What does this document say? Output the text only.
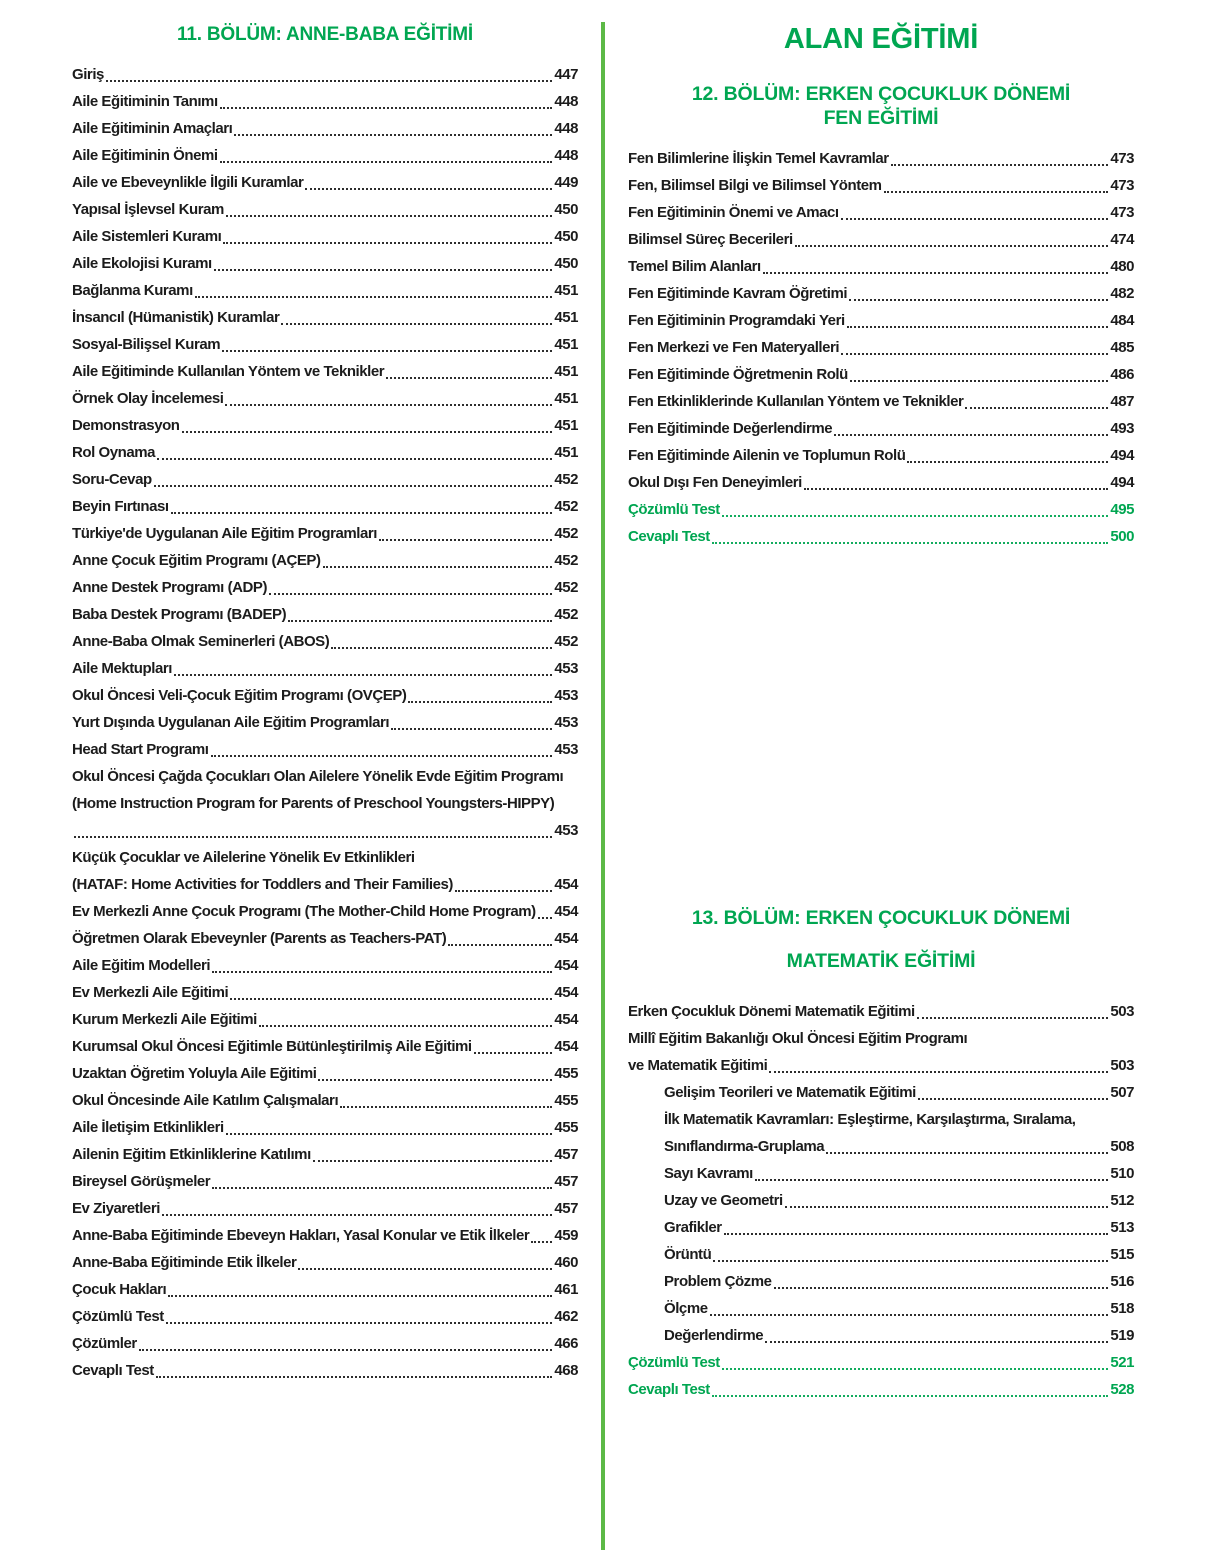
11. BÖLÜM: ANNE-BABA EĞİTİMİ
Giriş	447
Aile Eğitiminin Tanımı	448
Aile Eğitiminin Amaçları	448
Aile Eğitiminin Önemi	448
Aile ve Ebeveynlikle İlgili Kuramlar	449
Yapısal İşlevsel Kuram	450
Aile Sistemleri Kuramı	450
Aile Ekolojisi Kuramı	450
Bağlanma Kuramı	451
İnsancıl (Hümanistik) Kuramlar	451
Sosyal-Bilişsel Kuram	451
Aile Eğitiminde Kullanılan Yöntem ve Teknikler	451
Örnek Olay İncelemesi	451
Demonstrasyon	451
Rol Oynama	451
Soru-Cevap	452
Beyin Fırtınası	452
Türkiye'de Uygulanan Aile Eğitim Programları	452
Anne Çocuk Eğitim Programı (AÇEP)	452
Anne Destek Programı (ADP)	452
Baba Destek Programı (BADEP)	452
Anne-Baba Olmak Seminerleri (ABOS)	452
Aile Mektupları	453
Okul Öncesi Veli-Çocuk Eğitim Programı (OVÇEP)	453
Yurt Dışında Uygulanan Aile Eğitim Programları	453
Head Start Programı	453
Okul Öncesi Çağda Çocukları Olan Ailelere Yönelik Evde Eğitim Programı
(Home Instruction Program for Parents of Preschool Youngsters-HIPPY)
453
Küçük Çocuklar ve Ailelerine Yönelik Ev Etkinlikleri
(HATAF: Home Activities for Toddlers and Their Families)	454
Ev Merkezli Anne Çocuk Programı (The Mother-Child Home Program) 454
Öğretmen Olarak Ebeveynler (Parents as Teachers-PAT)	454
Aile Eğitim Modelleri	454
Ev Merkezli Aile Eğitimi	454
Kurum Merkezli Aile Eğitimi	454
Kurumsal Okul Öncesi Eğitimle Bütünleştirilmiş Aile Eğitimi	454
Uzaktan Öğretim Yoluyla Aile Eğitimi	455
Okul Öncesinde Aile Katılım Çalışmaları	455
Aile İletişim Etkinlikleri	455
Ailenin Eğitim Etkinliklerine Katılımı	457
Bireysel Görüşmeler	457
Ev Ziyaretleri	457
Anne-Baba Eğitiminde Ebeveyn Hakları, Yasal Konular ve Etik İlkeler 459
Anne-Baba Eğitiminde Etik İlkeler	460
Çocuk Hakları	461
Çözümlü Test	462
Çözümler	466
Cevaplı Test	468
ALAN EĞİTİMİ
12. BÖLÜM: ERKEN ÇOCUKLUK DÖNEMİ
FEN EĞİTİMİ
Fen Bilimlerine İlişkin Temel Kavramlar	473
Fen, Bilimsel Bilgi ve Bilimsel Yöntem	473
Fen Eğitiminin Önemi ve Amacı	473
Bilimsel Süreç Becerileri	474
Temel Bilim Alanları	480
Fen Eğitiminde Kavram Öğretimi	482
Fen Eğitiminin Programdaki Yeri	484
Fen Merkezi ve Fen Materyalleri	485
Fen Eğitiminde Öğretmenin Rolü	486
Fen Etkinliklerinde Kullanılan Yöntem ve Teknikler	487
Fen Eğitiminde Değerlendirme	493
Fen Eğitiminde Ailenin ve Toplumun Rolü	494
Okul Dışı Fen Deneyimleri	494
Çözümlü Test	495
Cevaplı Test	500
13. BÖLÜM: ERKEN ÇOCUKLUK DÖNEMİ
MATEMATİK EĞİTİMİ
Erken Çocukluk Dönemi Matematik Eğitimi	503
Millî Eğitim Bakanlığı Okul Öncesi Eğitim Programı
ve Matematik Eğitimi	503
Gelişim Teorileri ve Matematik Eğitimi	507
İlk Matematik Kavramları: Eşleştirme, Karşılaştırma, Sıralama,
Sınıflandırma-Gruplama	508
Sayı Kavramı	510
Uzay ve Geometri	512
Grafikler	513
Örüntü	515
Problem Çözme	516
Ölçme	518
Değerlendirme	519
Çözümlü Test	521
Cevaplı Test	528
